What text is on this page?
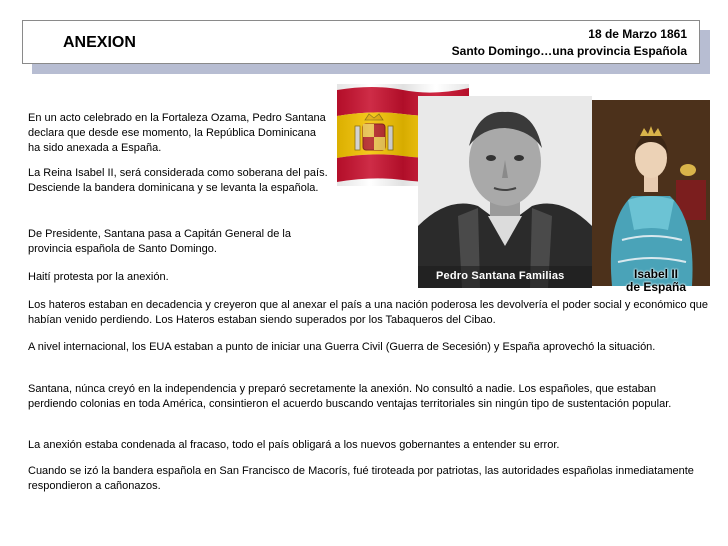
ANEXION	18 de Marzo 1861
Santo Domingo…una provincia Española

En un acto celebrado en la Fortaleza Ozama, Pedro Santana declara que desde ese momento, la República Dominicana ha sido anexada a España.

La Reina Isabel II, será considerada como soberana del país. Desciende la bandera dominicana y se levanta la española.

De Presidente, Santana pasa a Capitán General de la provincia española de Santo Domingo.

Haití protesta por la anexión.

Los hateros estaban en decadencia y creyeron que al anexar el país a una nación poderosa les devolvería el poder social y económico que habían venido perdiendo. Los Hateros estaban siendo superados por los Tabaqueros del Cibao.

A nivel internacional, los EUA estaban a punto de iniciar una Guerra Civil (Guerra de Secesión) y España aprovechó la situación.

Santana, núnca creyó en la independencia y preparó secretamente la anexión. No consultó a nadie. Los españoles, que estaban perdiendo colonias en toda América, consintieron el acuerdo buscando ventajas territoriales sin ningún tipo de sustentación popular.

La anexión estaba condenada al fracaso, todo el país obligará a los nuevos gobernantes a entender su error.

Cuando se izó la bandera española en San Francisco de Macorís, fué tiroteada por patriotas, las autoridades españolas inmediatamente respondieron a cañonazos.

Pedro Santana Familias	Isabel II
de España
